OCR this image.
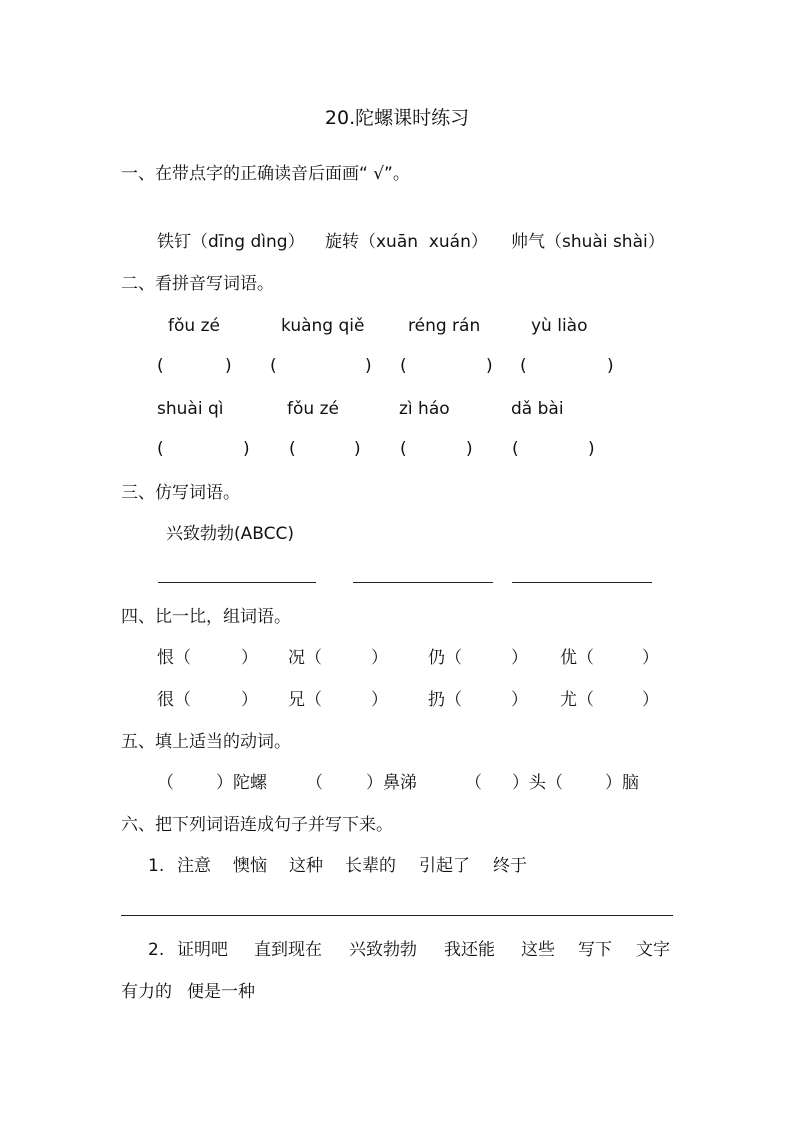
20.陀螺课时练习
一、在带点字的正确读音后面画“ √”。
铁钉（dīng dìng） 旋转（xuān  xuán） 帅气（shuài shài）
二、看拼音写词语。
fǒu zé	kuàng qiě	réng rán	yù liào
(	) (	) (	) (	)
shuài qì	fǒu zé	zì háo	dǎ bài
(	) (	) (	) (	)
三、仿写词语。
兴致勃勃(ABCC)
四、比一比，组词语。
恨（	） 况（	） 仍（	） 优（	）
很（	） 兄（	） 扔（	） 尤（	）
五、填上适当的动词。
（ ）陀螺 （	）鼻涕	（ ）头（ ）脑
六、把下列词语连成句子并写下来。
1. 注意 懊恼 这种 长辈的 引起了 终于
2. 证明吧 直到现在 兴致勃勃 我还能 这些 写下 文字
有力的 便是一种
